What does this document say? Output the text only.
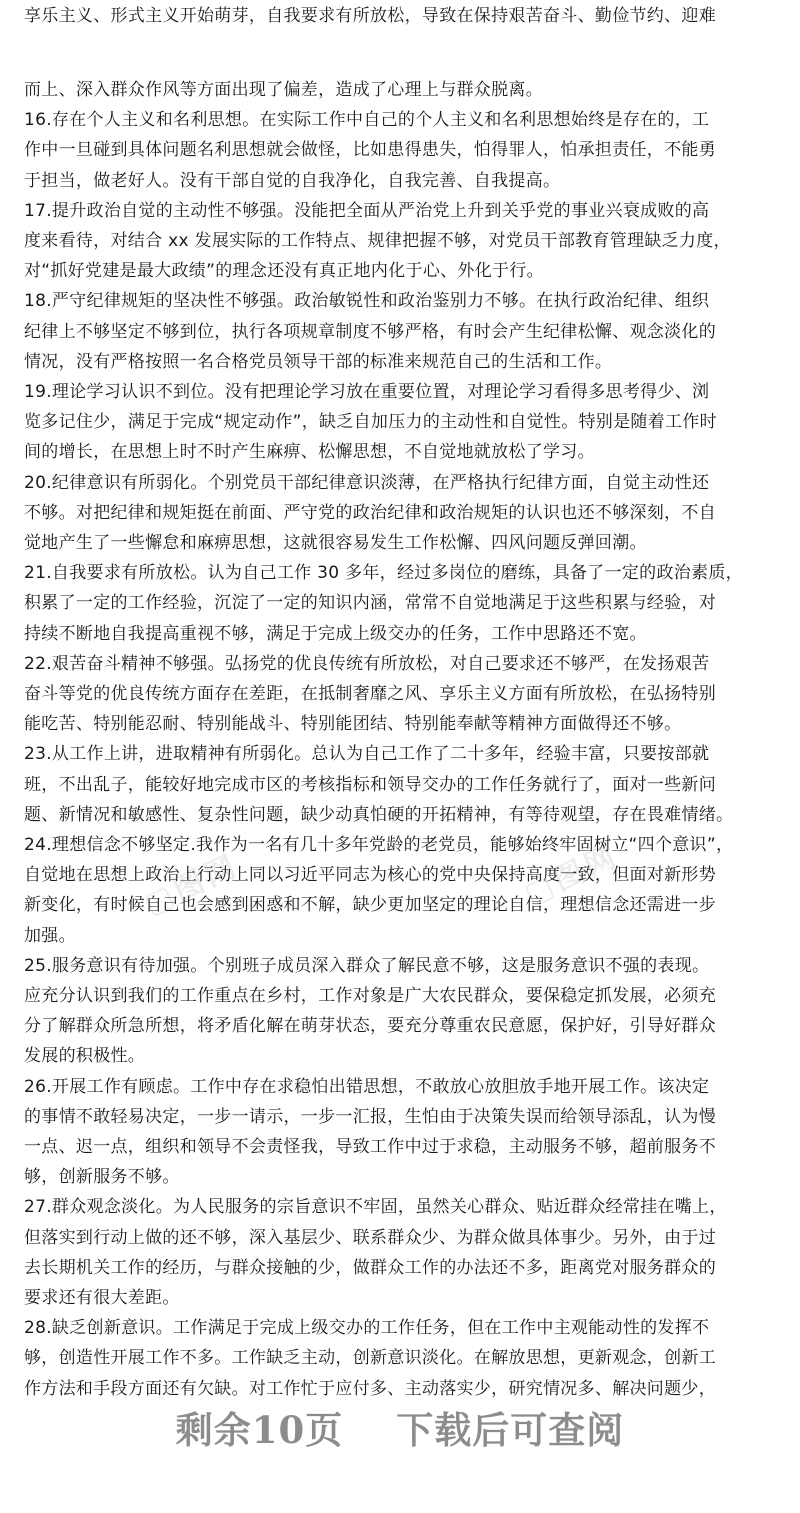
▢图网	▢图网
享乐主义、形式主义开始萌芽，自我要求有所放松，导致在保持艰苦奋斗、勤俭节约、迎难
而上、深入群众作风等方面出现了偏差，造成了心理上与群众脱离。
16.存在个人主义和名利思想。在实际工作中自己的个人主义和名利思想始终是存在的，工
作中一旦碰到具体问题名利思想就会做怪，比如患得患失，怕得罪人，怕承担责任，不能勇
于担当，做老好人。没有干部自觉的自我净化，自我完善、自我提高。
17.提升政治自觉的主动性不够强。没能把全面从严治党上升到关乎党的事业兴衰成败的高
度来看待，对结合 xx 发展实际的工作特点、规律把握不够，对党员干部教育管理缺乏力度，
对“抓好党建是最大政绩”的理念还没有真正地内化于心、外化于行。
18.严守纪律规矩的坚决性不够强。政治敏锐性和政治鉴别力不够。在执行政治纪律、组织
纪律上不够坚定不够到位，执行各项规章制度不够严格，有时会产生纪律松懈、观念淡化的
情况，没有严格按照一名合格党员领导干部的标准来规范自己的生活和工作。
19.理论学习认识不到位。没有把理论学习放在重要位置，对理论学习看得多思考得少、浏
览多记住少，满足于完成“规定动作”，缺乏自加压力的主动性和自觉性。特别是随着工作时
间的增长，在思想上时不时产生麻痹、松懈思想，不自觉地就放松了学习。
20.纪律意识有所弱化。个别党员干部纪律意识淡薄，在严格执行纪律方面，自觉主动性还
不够。对把纪律和规矩挺在前面、严守党的政治纪律和政治规矩的认识也还不够深刻，不自
觉地产生了一些懈怠和麻痹思想，这就很容易发生工作松懈、四风问题反弹回潮。
21.自我要求有所放松。认为自己工作 30 多年，经过多岗位的磨练，具备了一定的政治素质，
积累了一定的工作经验，沉淀了一定的知识内涵，常常不自觉地满足于这些积累与经验，对
持续不断地自我提高重视不够，满足于完成上级交办的任务，工作中思路还不宽。
22.艰苦奋斗精神不够强。弘扬党的优良传统有所放松，对自己要求还不够严，在发扬艰苦
奋斗等党的优良传统方面存在差距，在抵制奢靡之风、享乐主义方面有所放松，在弘扬特别
能吃苦、特别能忍耐、特别能战斗、特别能团结、特别能奉献等精神方面做得还不够。
23.从工作上讲，进取精神有所弱化。总认为自己工作了二十多年，经验丰富，只要按部就
班，不出乱子，能较好地完成市区的考核指标和领导交办的工作任务就行了，面对一些新问
题、新情况和敏感性、复杂性问题，缺少动真怕硬的开拓精神，有等待观望，存在畏难情绪。
24.理想信念不够坚定.我作为一名有几十多年党龄的老党员，能够始终牢固树立“四个意识”，
自觉地在思想上政治上行动上同以习近平同志为核心的党中央保持高度一致，但面对新形势
新变化，有时候自己也会感到困惑和不解，缺少更加坚定的理论自信，理想信念还需进一步
加强。
25.服务意识有待加强。个别班子成员深入群众了解民意不够，这是服务意识不强的表现。
应充分认识到我们的工作重点在乡村，工作对象是广大农民群众，要保稳定抓发展，必须充
分了解群众所急所想，将矛盾化解在萌芽状态，要充分尊重农民意愿，保护好，引导好群众
发展的积极性。
26.开展工作有顾虑。工作中存在求稳怕出错思想，不敢放心放胆放手地开展工作。该决定
的事情不敢轻易决定，一步一请示，一步一汇报，生怕由于决策失误而给领导添乱，认为慢
一点、迟一点，组织和领导不会责怪我，导致工作中过于求稳，主动服务不够，超前服务不
够，创新服务不够。
27.群众观念淡化。为人民服务的宗旨意识不牢固，虽然关心群众、贴近群众经常挂在嘴上，
但落实到行动上做的还不够，深入基层少、联系群众少、为群众做具体事少。另外，由于过
去长期机关工作的经历，与群众接触的少，做群众工作的办法还不多，距离党对服务群众的
要求还有很大差距。
28.缺乏创新意识。工作满足于完成上级交办的工作任务，但在工作中主观能动性的发挥不
够，创造性开展工作不多。工作缺乏主动，创新意识淡化。在解放思想，更新观念，创新工
作方法和手段方面还有欠缺。对工作忙于应付多、主动落实少，研究情况多、解决问题少，
剩余10页 下载后可查阅
